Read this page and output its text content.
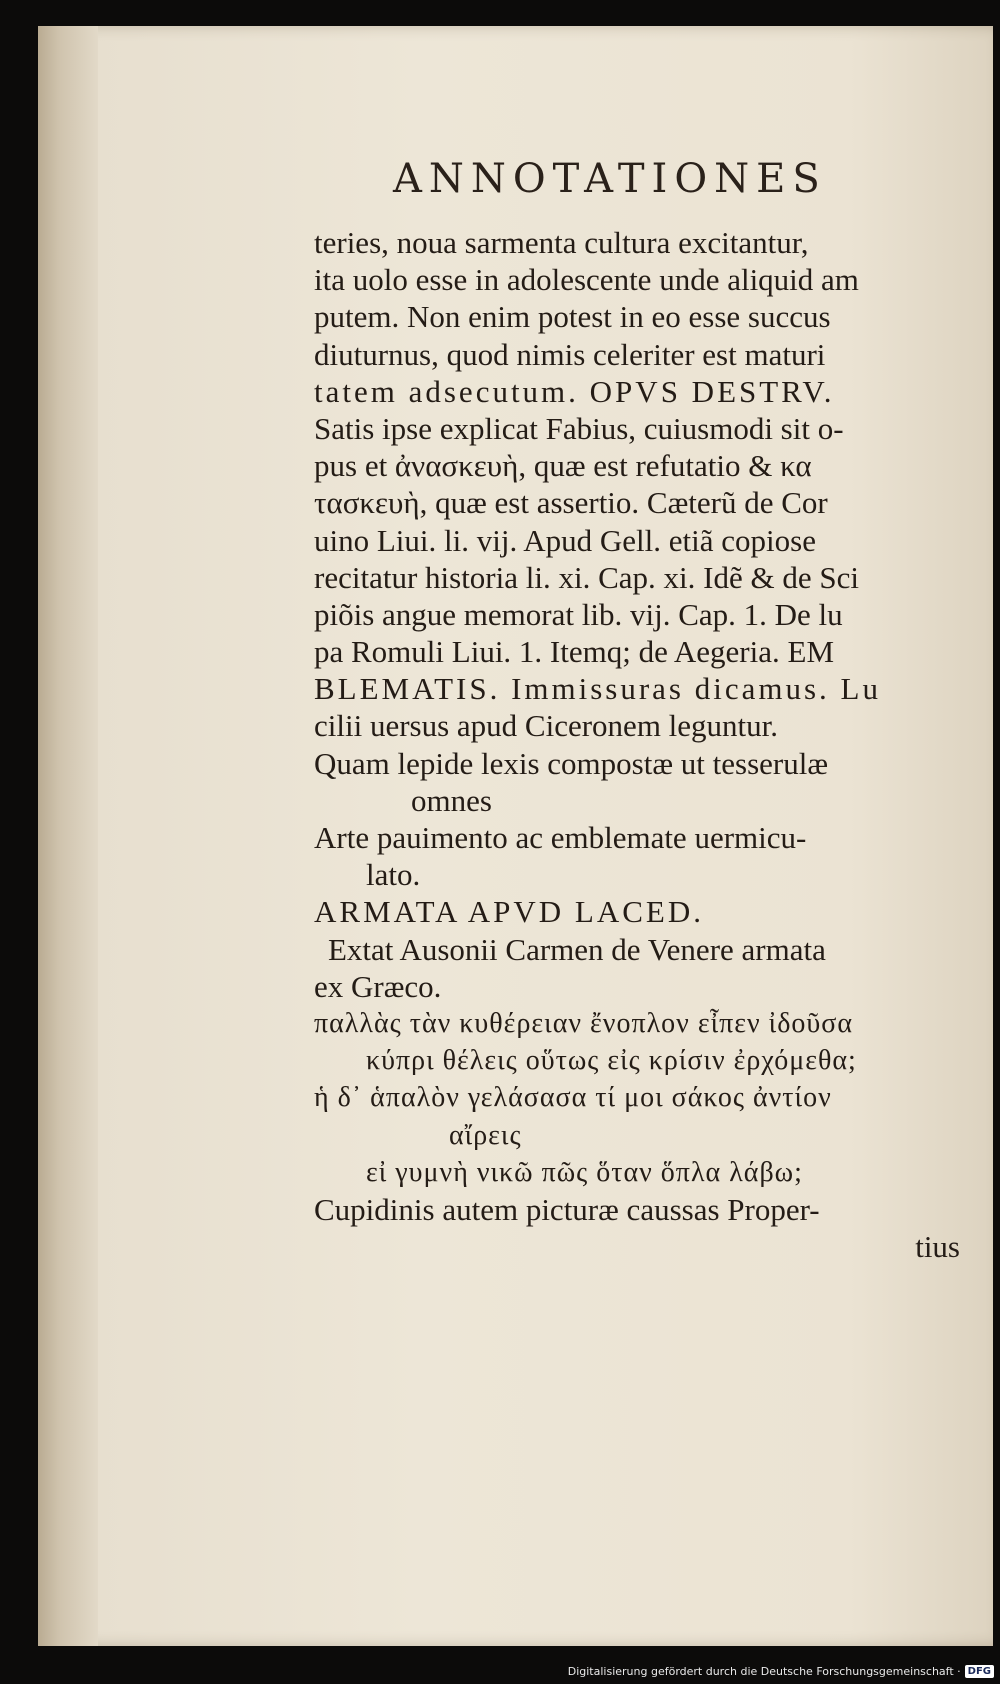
ANNOTATIONES
teries, noua sarmenta cultura excitantur,
ita uolo esse in adolescente unde aliquid am
putem. Non enim potest in eo esse succus
diuturnus, quod nimis celeriter est maturi
tatem adsecutum. OPVS DESTRV.
Satis ipse explicat Fabius, cuiusmodi sit o-
pus et ἀνασκευὴ, quæ est refutatio & κα
τασκευὴ, quæ est assertio. Cæterũ de Cor
uino Liui. li. vij. Apud Gell. etiã copiose
recitatur historia li. xi. Cap. xi. Idẽ & de Sci
piõis angue memorat lib. vij. Cap. 1. De lu
pa Romuli Liui. 1. Itemq; de Aegeria. EM
BLEMATIS. Immissuras dicamus. Lu
cilii uersus apud Ciceronem leguntur.
Quam lepide lexis compostæ ut tesserulæ
omnes
Arte pauimento ac emblemate uermicu-
lato.
ARMATA APVD LACED.
Extat Ausonii Carmen de Venere armata
ex Græco.
παλλὰς τὰν κυθέρειαν ἔνοπλον εἶπεν ἰδοῦσα
κύπρι θέλεις οὕτως εἰς κρίσιν ἐρχόμεθα;
ἡ δ᾽ ἁπαλὸν γελάσασα τί μοι σάκος ἀντίον
αἴρεις
εἰ γυμνὴ νικῶ πῶς ὅταν ὅπλα λάβω;
Cupidinis autem picturæ caussas Proper-
tius
Digitalisierung gefördert durch die Deutsche Forschungsgemeinschaft · DFG
